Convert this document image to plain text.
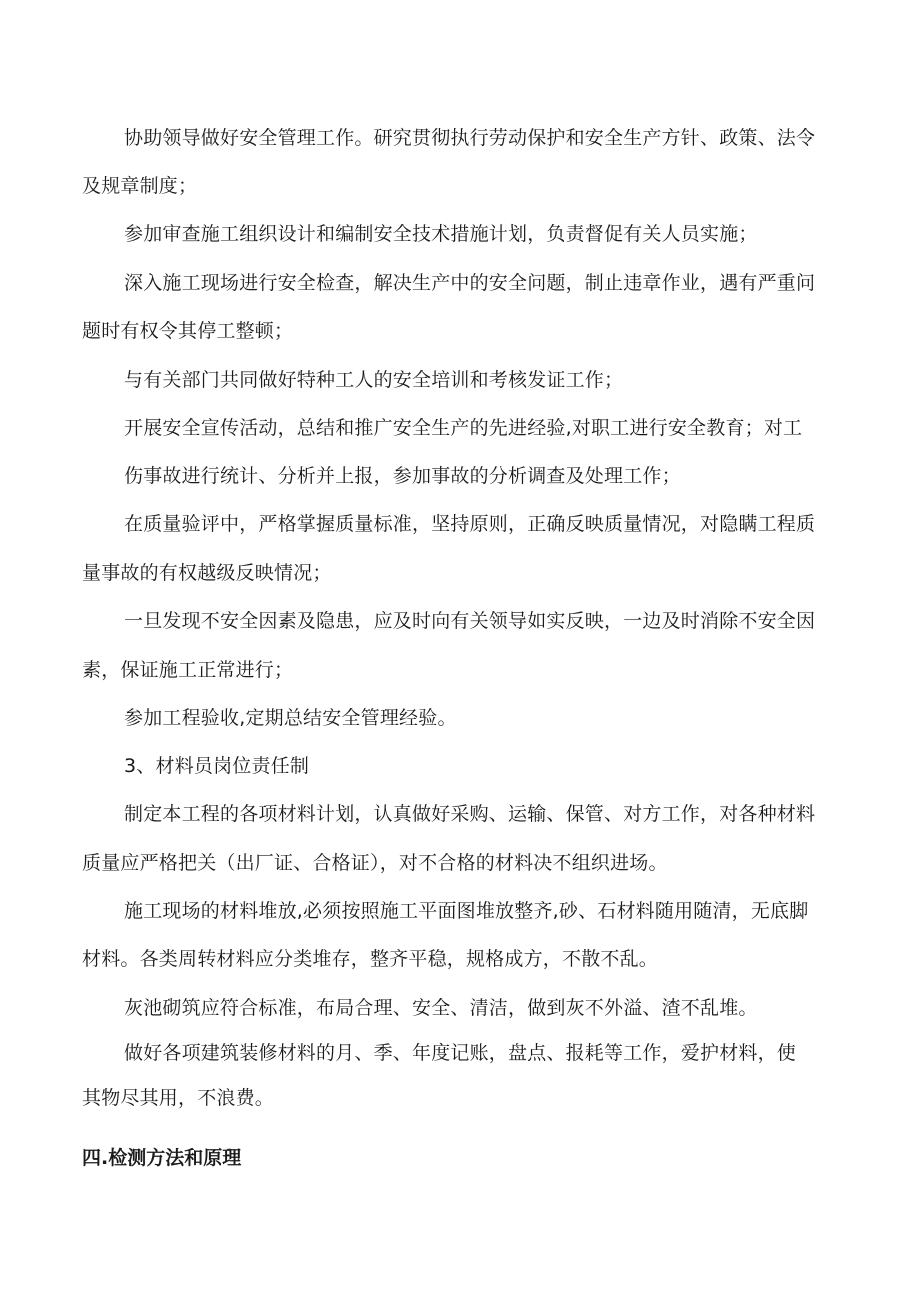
协助领导做好安全管理工作。研究贯彻执行劳动保护和安全生产方针、政策、法令
及规章制度；
参加审查施工组织设计和编制安全技术措施计划，负责督促有关人员实施；
深入施工现场进行安全检查，解决生产中的安全问题，制止违章作业，遇有严重问
题时有权令其停工整顿；
与有关部门共同做好特种工人的安全培训和考核发证工作；
开展安全宣传活动，总结和推广安全生产的先进经验,对职工进行安全教育；对工
伤事故进行统计、分析并上报，参加事故的分析调查及处理工作；
在质量验评中，严格掌握质量标准，坚持原则，正确反映质量情况，对隐瞒工程质
量事故的有权越级反映情况；
一旦发现不安全因素及隐患，应及时向有关领导如实反映，一边及时消除不安全因
素，保证施工正常进行；
参加工程验收,定期总结安全管理经验。
3、材料员岗位责任制
制定本工程的各项材料计划，认真做好采购、运输、保管、对方工作，对各种材料
质量应严格把关（出厂证、合格证），对不合格的材料决不组织进场。
施工现场的材料堆放,必须按照施工平面图堆放整齐,砂、石材料随用随清，无底脚
材料。各类周转材料应分类堆存，整齐平稳，规格成方，不散不乱。
灰池砌筑应符合标准，布局合理、安全、清洁，做到灰不外溢、渣不乱堆。
做好各项建筑装修材料的月、季、年度记账，盘点、报耗等工作，爱护材料，使
其物尽其用，不浪费。
四.检测方法和原理
